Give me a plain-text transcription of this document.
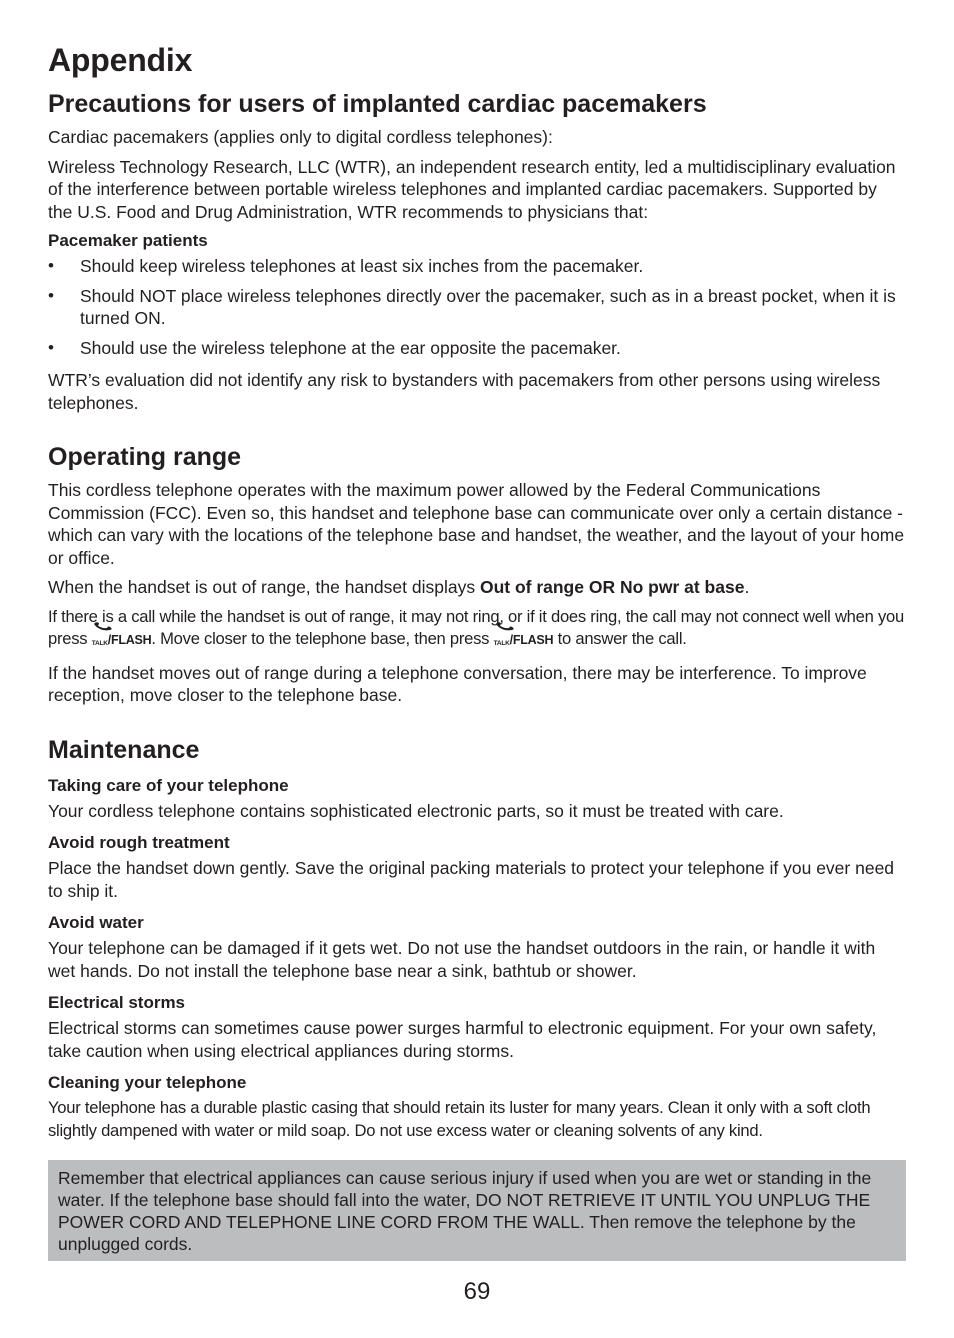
Appendix
Precautions for users of implanted cardiac pacemakers

Cardiac pacemakers (applies only to digital cordless telephones):

Wireless Technology Research, LLC (WTR), an independent research entity, led a multidisciplinary evaluation of the interference between portable wireless telephones and implanted cardiac pacemakers. Supported by the U.S. Food and Drug Administration, WTR recommends to physicians that:

Pacemaker patients
• Should keep wireless telephones at least six inches from the pacemaker.
• Should NOT place wireless telephones directly over the pacemaker, such as in a breast pocket, when it is turned ON.
• Should use the wireless telephone at the ear opposite the pacemaker.

WTR’s evaluation did not identify any risk to bystanders with pacemakers from other persons using wireless telephones.

Operating range

This cordless telephone operates with the maximum power allowed by the Federal Communications Commission (FCC). Even so, this handset and telephone base can communicate over only a certain distance - which can vary with the locations of the telephone base and handset, the weather, and the layout of your home or office.

When the handset is out of range, the handset displays Out of range OR No pwr at base.

If there is a call while the handset is out of range, it may not ring, or if it does ring, the call may not connect well when you press
TALK/FLASH. Move closer to the telephone base, then press
TALK/FLASH to answer the call.

If the handset moves out of range during a telephone conversation, there may be interference. To improve reception, move closer to the telephone base.

Maintenance
Taking care of your telephone

Your cordless telephone contains sophisticated electronic parts, so it must be treated with care.

Avoid rough treatment

Place the handset down gently. Save the original packing materials to protect your telephone if you ever need to ship it.

Avoid water

Your telephone can be damaged if it gets wet. Do not use the handset outdoors in the rain, or handle it with wet hands. Do not install the telephone base near a sink, bathtub or shower.

Electrical storms

Electrical storms can sometimes cause power surges harmful to electronic equipment. For your own safety, take caution when using electrical appliances during storms.

Cleaning your telephone

Your telephone has a durable plastic casing that should retain its luster for many years. Clean it only with a soft cloth slightly dampened with water or mild soap. Do not use excess water or cleaning solvents of any kind.

Remember that electrical appliances can cause serious injury if used when you are wet or standing in the water. If the telephone base should fall into the water, DO NOT RETRIEVE IT UNTIL YOU UNPLUG THE POWER CORD AND TELEPHONE LINE CORD FROM THE WALL. Then remove the telephone by the unplugged cords.

69
